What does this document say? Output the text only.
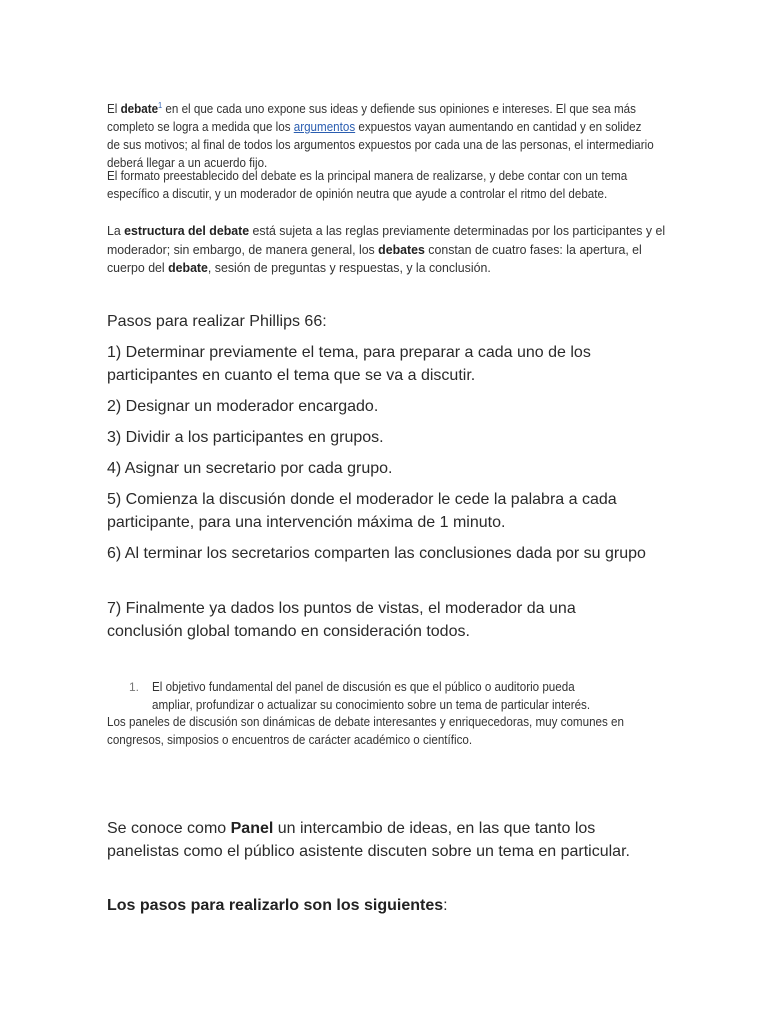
El debate$^1$ en el que cada uno expone sus ideas y defiende sus opiniones e intereses. El que sea más completo se logra a medida que los argumentos expuestos vayan aumentando en cantidad y en solidez de sus motivos; al final de todos los argumentos expuestos por cada una de las personas, el intermediario deberá llegar a un acuerdo fijo.

El formato preestablecido del debate es la principal manera de realizarse, y debe contar con un tema específico a discutir, y un moderador de opinión neutra que ayude a controlar el ritmo del debate.

La estructura del debate está sujeta a las reglas previamente determinadas por los participantes y el moderador; sin embargo, de manera general, los debates constan de cuatro fases: la apertura, el cuerpo del debate, sesión de preguntas y respuestas, y la conclusión.

Pasos para realizar Phillips 66:

1) Determinar previamente el tema, para preparar a cada uno de los participantes en cuanto el tema que se va a discutir.

2) Designar un moderador encargado.

3) Dividir a los participantes en grupos.

4) Asignar un secretario por cada grupo.

5) Comienza la discusión donde el moderador le cede la palabra a cada participante, para una intervención máxima de 1 minuto.

6) Al terminar los secretarios comparten las conclusiones dada por su grupo

7) Finalmente ya dados los puntos de vistas, el moderador da una conclusión global tomando en consideración todos.

1. El objetivo fundamental del panel de discusión es que el público o auditorio pueda

ampliar, profundizar o actualizar su conocimiento sobre un tema de particular interés.

Los paneles de discusión son dinámicas de debate interesantes y enriquecedoras, muy comunes en congresos, simposios o encuentros de carácter académico o científico.

Se conoce como Panel un intercambio de ideas, en las que tanto los panelistas como el público asistente discuten sobre un tema en particular.

Los pasos para realizarlo son los siguientes:
